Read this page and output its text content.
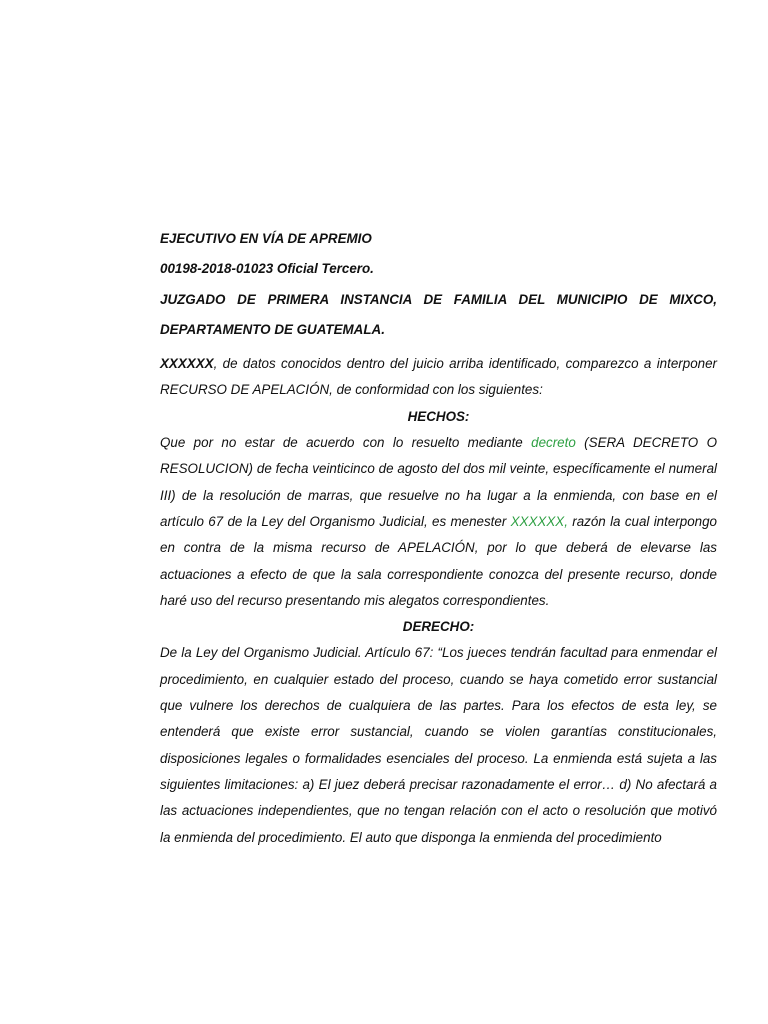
EJECUTIVO EN VÍA DE APREMIO

00198-2018-01023 Oficial Tercero.

JUZGADO DE PRIMERA INSTANCIA DE FAMILIA DEL MUNICIPIO DE MIXCO,

DEPARTAMENTO DE GUATEMALA.

XXXXXX, de datos conocidos dentro del juicio arriba identificado, comparezco a interponer RECURSO DE APELACIÓN, de conformidad con los siguientes:

HECHOS:

Que por no estar de acuerdo con lo resuelto mediante decreto (SERA DECRETO O RESOLUCION) de fecha veinticinco de agosto del dos mil veinte, específicamente el numeral III) de la resolución de marras, que resuelve no ha lugar a la enmienda, con base en el artículo 67 de la Ley del Organismo Judicial, es menester XXXXXX, razón la cual interpongo en contra de la misma recurso de APELACIÓN, por lo que deberá de elevarse las actuaciones a efecto de que la sala correspondiente conozca del presente recurso, donde haré uso del recurso presentando mis alegatos correspondientes.

DERECHO:

De la Ley del Organismo Judicial. Artículo 67: “Los jueces tendrán facultad para enmendar el procedimiento, en cualquier estado del proceso, cuando se haya cometido error sustancial que vulnere los derechos de cualquiera de las partes. Para los efectos de esta ley, se entenderá que existe error sustancial, cuando se violen garantías constitucionales, disposiciones legales o formalidades esenciales del proceso. La enmienda está sujeta a las siguientes limitaciones: a) El juez deberá precisar razonadamente el error… d) No afectará a las actuaciones independientes, que no tengan relación con el acto o resolución que motivó la enmienda del procedimiento. El auto que disponga la enmienda del procedimiento
